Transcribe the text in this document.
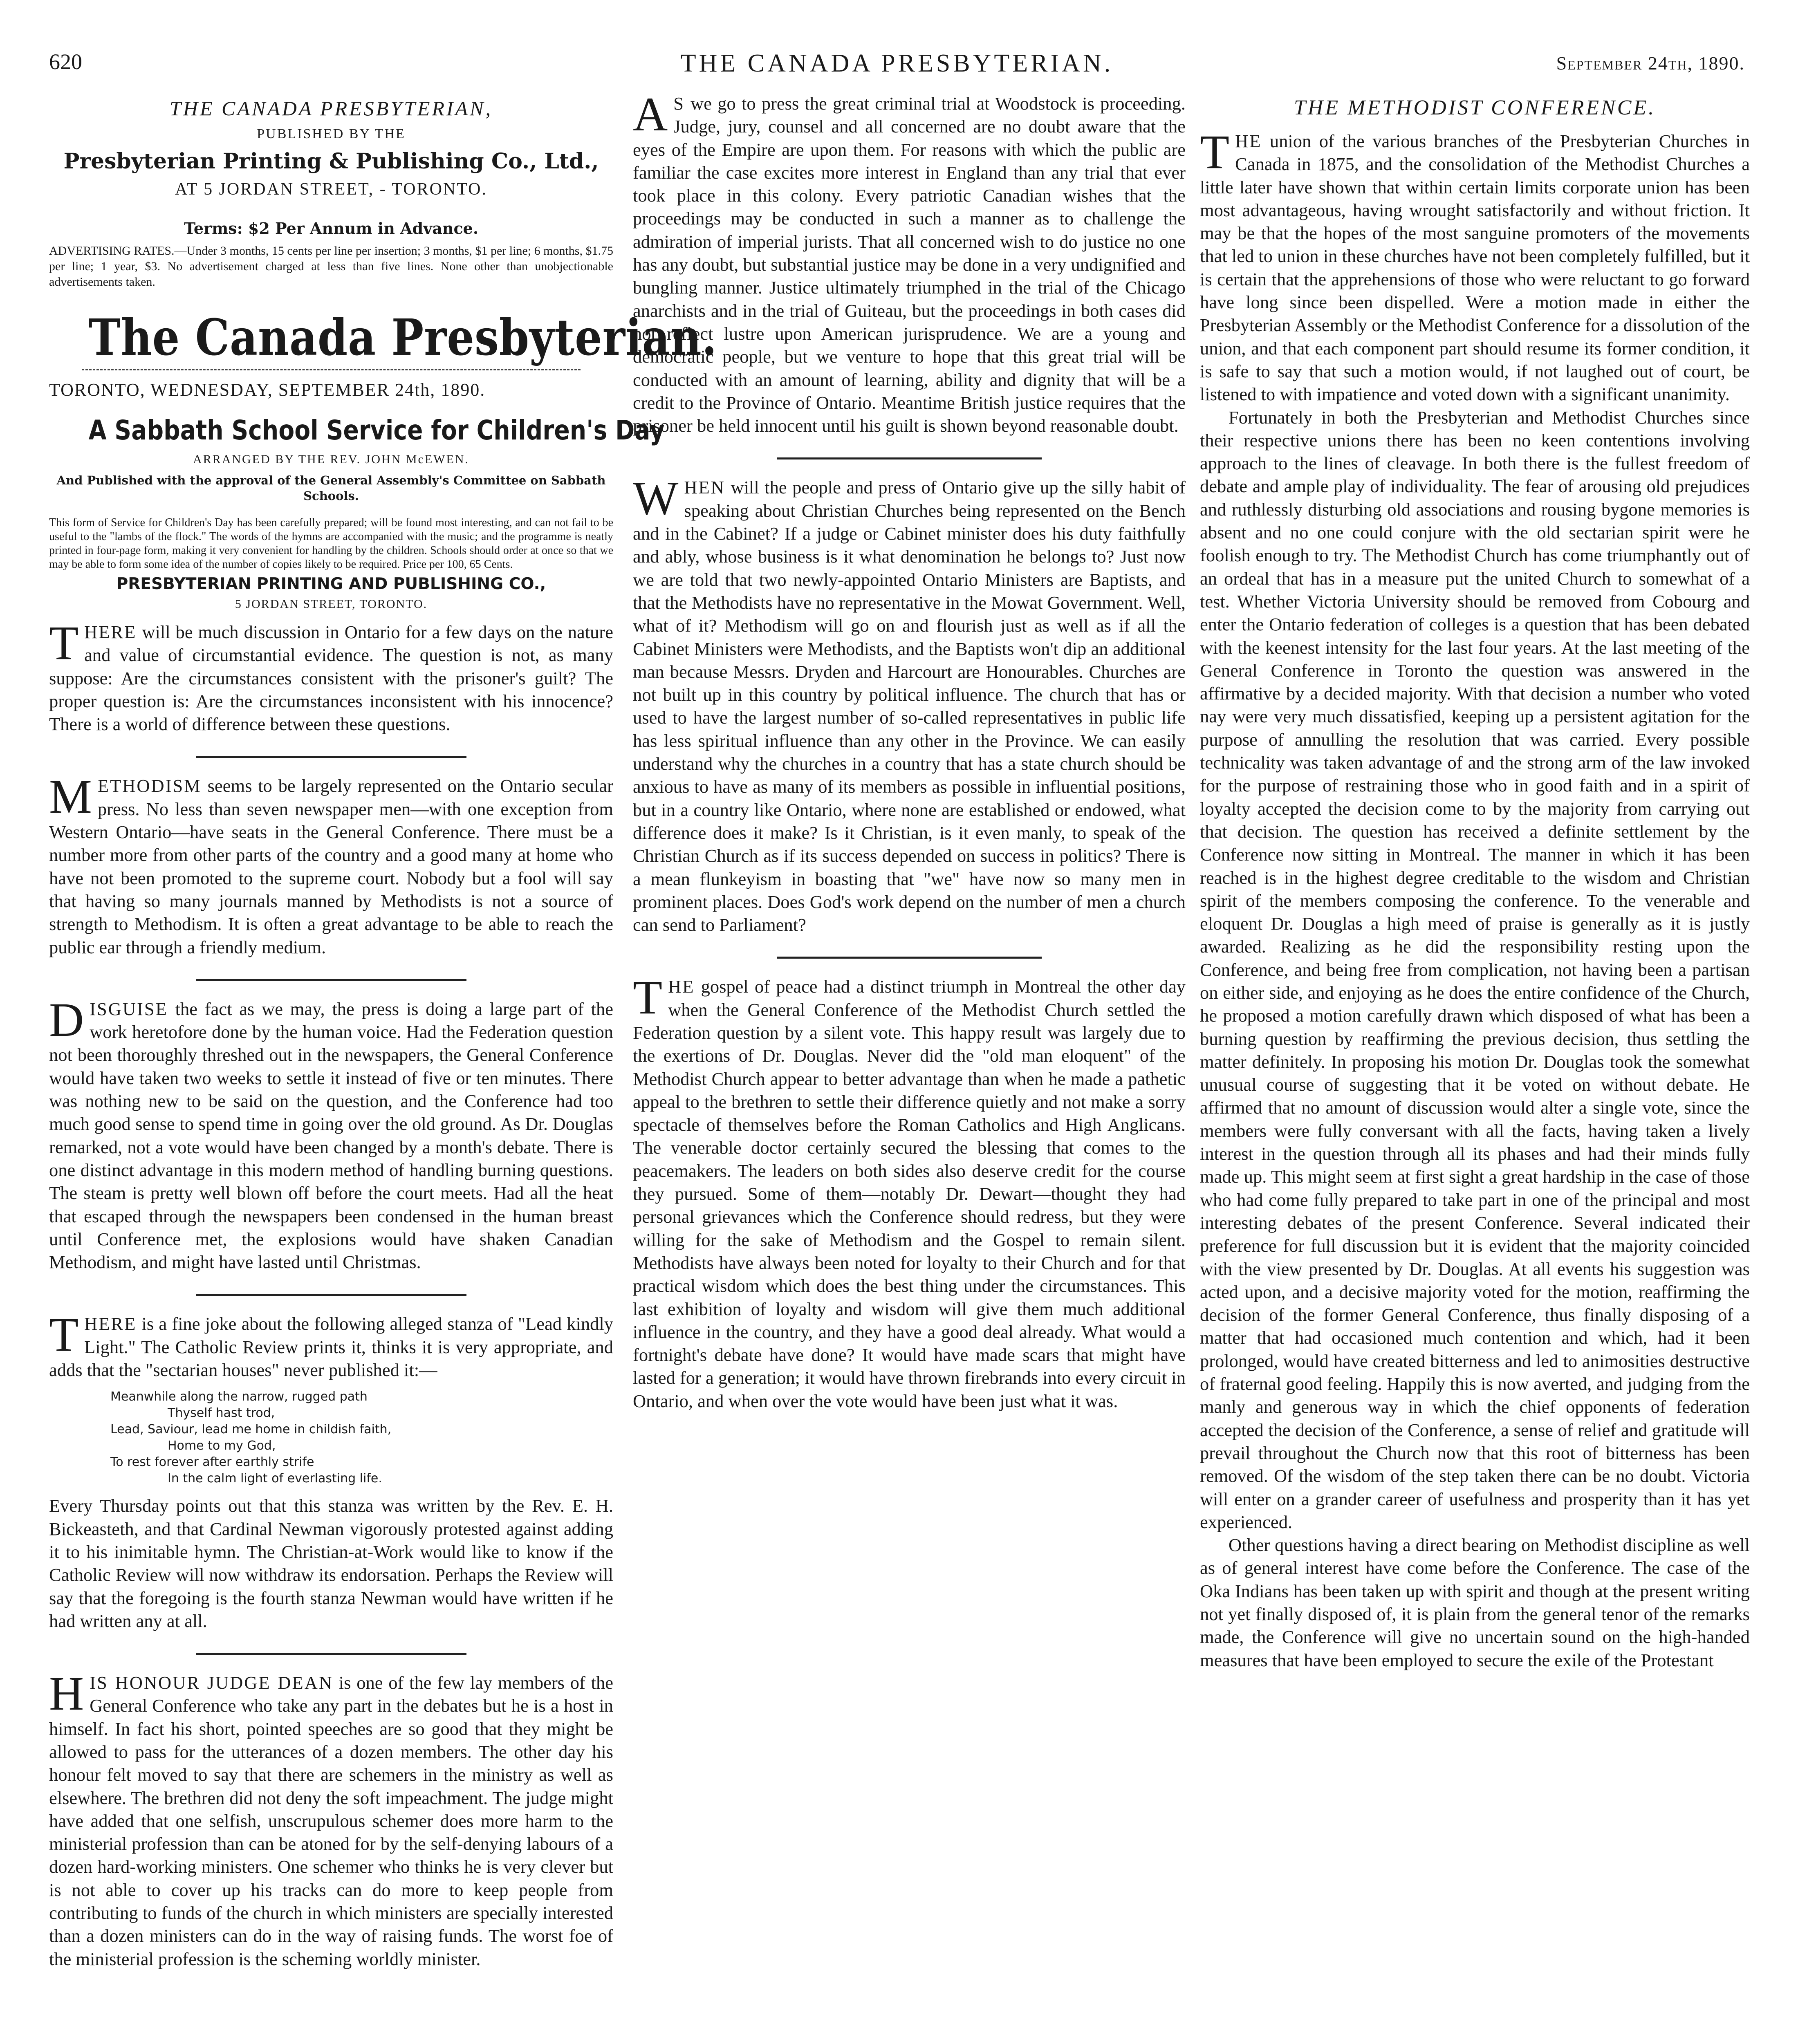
620	THE CANADA PRESBYTERIAN.	September 24th, 1890.
THE CANADA PRESBYTERIAN,
PUBLISHED BY THE
Presbyterian Printing & Publishing Co., Ltd.,
AT 5 JORDAN STREET, - TORONTO.
Terms: $2 Per Annum in Advance.
ADVERTISING RATES.—Under 3 months, 15 cents per line per insertion; 3 months, $1 per line; 6 months, $1.75 per line; 1 year, $3. No advertisement charged at less than five lines. None other than unobjectionable advertisements taken.
The Canada Presbyterian.
TORONTO, WEDNESDAY, SEPTEMBER 24th, 1890.
A Sabbath School Service for Children's Day
ARRANGED BY THE REV. JOHN McEWEN.
And Published with the approval of the General Assembly's Committee on Sabbath Schools.
This form of Service for Children's Day has been carefully prepared; will be found most interesting, and can not fail to be useful to the "lambs of the flock." The words of the hymns are accompanied with the music; and the programme is neatly printed in four-page form, making it very convenient for handling by the children. Schools should order at once so that we may be able to form some idea of the number of copies likely to be required. Price per 100, 65 Cents.
PRESBYTERIAN PRINTING AND PUBLISHING CO.,
5 JORDAN STREET, TORONTO.

THERE will be much discussion in Ontario for a few days on the nature and value of circumstantial evidence. The question is not, as many suppose: Are the circumstances consistent with the prisoner's guilt? The proper question is: Are the circumstances inconsistent with his innocence? There is a world of difference between these questions.

METHODISM seems to be largely represented on the Ontario secular press. No less than seven newspaper men—with one exception from Western Ontario—have seats in the General Conference. There must be a number more from other parts of the country and a good many at home who have not been promoted to the supreme court. Nobody but a fool will say that having so many journals manned by Methodists is not a source of strength to Methodism. It is often a great advantage to be able to reach the public ear through a friendly medium.

DISGUISE the fact as we may, the press is doing a large part of the work heretofore done by the human voice. Had the Federation question not been thoroughly threshed out in the newspapers, the General Conference would have taken two weeks to settle it instead of five or ten minutes. There was nothing new to be said on the question, and the Conference had too much good sense to spend time in going over the old ground. As Dr. Douglas remarked, not a vote would have been changed by a month's debate. There is one distinct advantage in this modern method of handling burning questions. The steam is pretty well blown off before the court meets. Had all the heat that escaped through the newspapers been condensed in the human breast until Conference met, the explosions would have shaken Canadian Methodism, and might have lasted until Christmas.

THERE is a fine joke about the following alleged stanza of "Lead kindly Light." The Catholic Review prints it, thinks it is very appropriate, and adds that the "sectarian houses" never published it:—

Meanwhile along the narrow, rugged path
Thyself hast trod,
Lead, Saviour, lead me home in childish faith,
Home to my God,
To rest forever after earthly strife
In the calm light of everlasting life.

Every Thursday points out that this stanza was written by the Rev. E. H. Bickeasteth, and that Cardinal Newman vigorously protested against adding it to his inimitable hymn. The Christian-at-Work would like to know if the Catholic Review will now withdraw its endorsation. Perhaps the Review will say that the foregoing is the fourth stanza Newman would have written if he had written any at all.

HIS HONOUR JUDGE DEAN is one of the few lay members of the General Conference who take any part in the debates but he is a host in himself. In fact his short, pointed speeches are so good that they might be allowed to pass for the utterances of a dozen members. The other day his honour felt moved to say that there are schemers in the ministry as well as elsewhere. The brethren did not deny the soft impeachment. The judge might have added that one selfish, unscrupulous schemer does more harm to the ministerial profession than can be atoned for by the self-denying labours of a dozen hard-working ministers. One schemer who thinks he is very clever but is not able to cover up his tracks can do more to keep people from contributing to funds of the church in which ministers are specially interested than a dozen ministers can do in the way of raising funds. The worst foe of the ministerial profession is the scheming worldly minister.

A S we go to press the great criminal trial at Woodstock is proceeding. Judge, jury, counsel and all concerned are no doubt aware that the eyes of the Empire are upon them. For reasons with which the public are familiar the case excites more interest in England than any trial that ever took place in this colony. Every patriotic Canadian wishes that the proceedings may be conducted in such a manner as to challenge the admiration of imperial jurists. That all concerned wish to do justice no one has any doubt, but substantial justice may be done in a very undignified and bungling manner. Justice ultimately triumphed in the trial of the Chicago anarchists and in the trial of Guiteau, but the proceedings in both cases did not reflect lustre upon American jurisprudence. We are a young and democratic people, but we venture to hope that this great trial will be conducted with an amount of learning, ability and dignity that will be a credit to the Province of Ontario. Meantime British justice requires that the prisoner be held innocent until his guilt is shown beyond reasonable doubt.

WHEN will the people and press of Ontario give up the silly habit of speaking about Christian Churches being represented on the Bench and in the Cabinet? If a judge or Cabinet minister does his duty faithfully and ably, whose business is it what denomination he belongs to? Just now we are told that two newly-appointed Ontario Ministers are Baptists, and that the Methodists have no representative in the Mowat Government. Well, what of it? Methodism will go on and flourish just as well as if all the Cabinet Ministers were Methodists, and the Baptists won't dip an additional man because Messrs. Dryden and Harcourt are Honourables. Churches are not built up in this country by political influence. The church that has or used to have the largest number of so-called representatives in public life has less spiritual influence than any other in the Province. We can easily understand why the churches in a country that has a state church should be anxious to have as many of its members as possible in influential positions, but in a country like Ontario, where none are established or endowed, what difference does it make? Is it Christian, is it even manly, to speak of the Christian Church as if its success depended on success in politics? There is a mean flunkeyism in boasting that "we" have now so many men in prominent places. Does God's work depend on the number of men a church can send to Parliament?

THE gospel of peace had a distinct triumph in Montreal the other day when the General Conference of the Methodist Church settled the Federation question by a silent vote. This happy result was largely due to the exertions of Dr. Douglas. Never did the "old man eloquent" of the Methodist Church appear to better advantage than when he made a pathetic appeal to the brethren to settle their difference quietly and not make a sorry spectacle of themselves before the Roman Catholics and High Anglicans. The venerable doctor certainly secured the blessing that comes to the peacemakers. The leaders on both sides also deserve credit for the course they pursued. Some of them—notably Dr. Dewart—thought they had personal grievances which the Conference should redress, but they were willing for the sake of Methodism and the Gospel to remain silent. Methodists have always been noted for loyalty to their Church and for that practical wisdom which does the best thing under the circumstances. This last exhibition of loyalty and wisdom will give them much additional influence in the country, and they have a good deal already. What would a fortnight's debate have done? It would have made scars that might have lasted for a generation; it would have thrown firebrands into every circuit in Ontario, and when over the vote would have been just what it was.

THE METHODIST CONFERENCE.

THE union of the various branches of the Presbyterian Churches in Canada in 1875, and the consolidation of the Methodist Churches a little later have shown that within certain limits corporate union has been most advantageous, having wrought satisfactorily and without friction. It may be that the hopes of the most sanguine promoters of the movements that led to union in these churches have not been completely fulfilled, but it is certain that the apprehensions of those who were reluctant to go forward have long since been dispelled. Were a motion made in either the Presbyterian Assembly or the Methodist Conference for a dissolution of the union, and that each component part should resume its former condition, it is safe to say that such a motion would, if not laughed out of court, be listened to with impatience and voted down with a significant unanimity.

Fortunately in both the Presbyterian and Methodist Churches since their respective unions there has been no keen contentions involving approach to the lines of cleavage. In both there is the fullest freedom of debate and ample play of individuality. The fear of arousing old prejudices and ruthlessly disturbing old associations and rousing bygone memories is absent and no one could conjure with the old sectarian spirit were he foolish enough to try. The Methodist Church has come triumphantly out of an ordeal that has in a measure put the united Church to somewhat of a test. Whether Victoria University should be removed from Cobourg and enter the Ontario federation of colleges is a question that has been debated with the keenest intensity for the last four years. At the last meeting of the General Conference in Toronto the question was answered in the affirmative by a decided majority. With that decision a number who voted nay were very much dissatisfied, keeping up a persistent agitation for the purpose of annulling the resolution that was carried. Every possible technicality was taken advantage of and the strong arm of the law invoked for the purpose of restraining those who in good faith and in a spirit of loyalty accepted the decision come to by the majority from carrying out that decision. The question has received a definite settlement by the Conference now sitting in Montreal. The manner in which it has been reached is in the highest degree creditable to the wisdom and Christian spirit of the members composing the conference. To the venerable and eloquent Dr. Douglas a high meed of praise is generally as it is justly awarded. Realizing as he did the responsibility resting upon the Conference, and being free from complication, not having been a partisan on either side, and enjoying as he does the entire confidence of the Church, he proposed a motion carefully drawn which disposed of what has been a burning question by reaffirming the previous decision, thus settling the matter definitely. In proposing his motion Dr. Douglas took the somewhat unusual course of suggesting that it be voted on without debate. He affirmed that no amount of discussion would alter a single vote, since the members were fully conversant with all the facts, having taken a lively interest in the question through all its phases and had their minds fully made up. This might seem at first sight a great hardship in the case of those who had come fully prepared to take part in one of the principal and most interesting debates of the present Conference. Several indicated their preference for full discussion but it is evident that the majority coincided with the view presented by Dr. Douglas. At all events his suggestion was acted upon, and a decisive majority voted for the motion, reaffirming the decision of the former General Conference, thus finally disposing of a matter that had occasioned much contention and which, had it been prolonged, would have created bitterness and led to animosities destructive of fraternal good feeling. Happily this is now averted, and judging from the manly and generous way in which the chief opponents of federation accepted the decision of the Conference, a sense of relief and gratitude will prevail throughout the Church now that this root of bitterness has been removed. Of the wisdom of the step taken there can be no doubt. Victoria will enter on a grander career of usefulness and prosperity than it has yet experienced.

Other questions having a direct bearing on Methodist discipline as well as of general interest have come before the Conference. The case of the Oka Indians has been taken up with spirit and though at the present writing not yet finally disposed of, it is plain from the general tenor of the remarks made, the Conference will give no uncertain sound on the high-handed measures that have been employed to secure the exile of the Protestant
